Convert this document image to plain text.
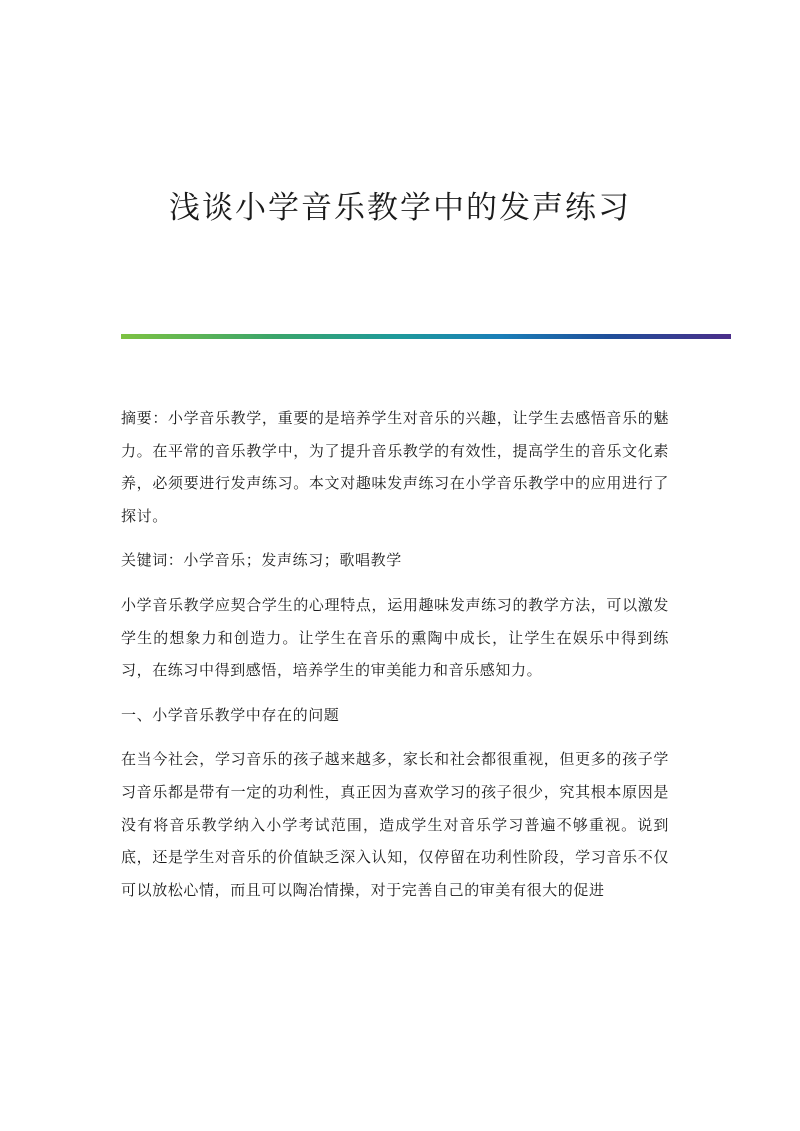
浅谈小学音乐教学中的发声练习

摘要：小学音乐教学，重要的是培养学生对音乐的兴趣，让学生去感悟音乐的魅力。在平常的音乐教学中，为了提升音乐教学的有效性，提高学生的音乐文化素养，必须要进行发声练习。本文对趣味发声练习在小学音乐教学中的应用进行了探讨。

关键词：小学音乐；发声练习；歌唱教学

小学音乐教学应契合学生的心理特点，运用趣味发声练习的教学方法，可以激发学生的想象力和创造力。让学生在音乐的熏陶中成长，让学生在娱乐中得到练习，在练习中得到感悟，培养学生的审美能力和音乐感知力。

一、小学音乐教学中存在的问题

在当今社会，学习音乐的孩子越来越多，家长和社会都很重视，但更多的孩子学习音乐都是带有一定的功利性，真正因为喜欢学习的孩子很少，究其根本原因是没有将音乐教学纳入小学考试范围，造成学生对音乐学习普遍不够重视。说到底，还是学生对音乐的价值缺乏深入认知，仅停留在功利性阶段，学习音乐不仅可以放松心情，而且可以陶冶情操，对于完善自己的审美有很大的促进
